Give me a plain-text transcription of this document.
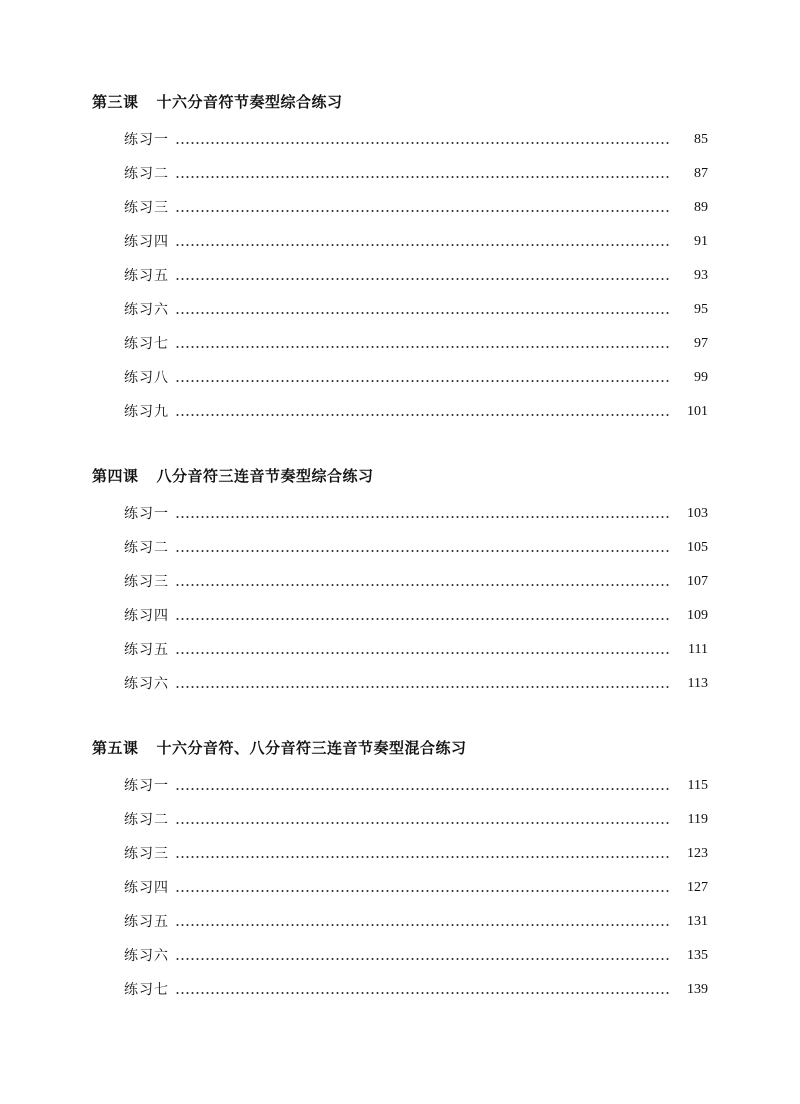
第三课 十六分音符节奏型综合练习
练习一	85
练习二	87
练习三	89
练习四	91
练习五	93
练习六	95
练习七	97
练习八	99
练习九	101
第四课 八分音符三连音节奏型综合练习
练习一	103
练习二	105
练习三	107
练习四	109
练习五	111
练习六	113
第五课 十六分音符、八分音符三连音节奏型混合练习
练习一	115
练习二	119
练习三	123
练习四	127
练习五	131
练习六	135
练习七	139
